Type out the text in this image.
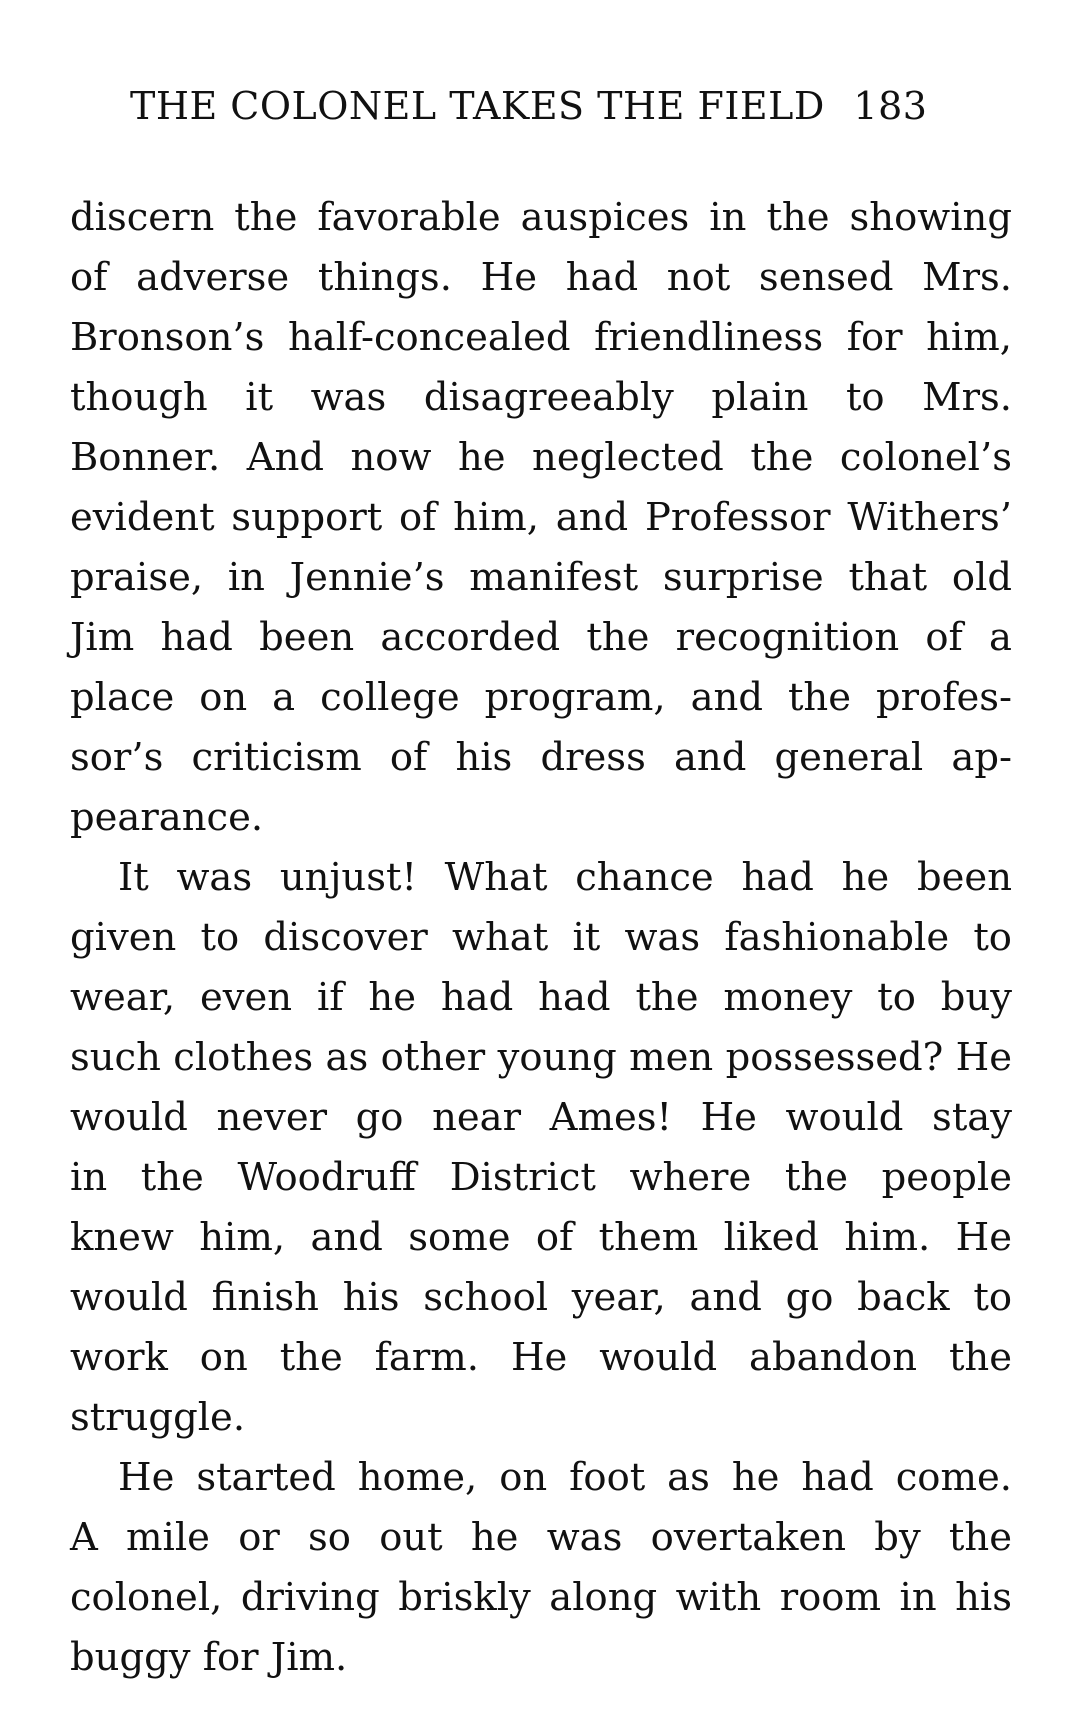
THE COLONEL TAKES THE FIELD 183
discern the favorable auspices in the showing
of adverse things. He had not sensed Mrs.
Bronson’s half-concealed friendliness for him,
though it was disagreeably plain to Mrs.
Bonner. And now he neglected the colonel’s
evident support of him, and Professor Withers’
praise, in Jennie’s manifest surprise that old
Jim had been accorded the recognition of a
place on a college program, and the profes-
sor’s criticism of his dress and general ap-
pearance.
It was unjust! What chance had he been
given to discover what it was fashionable to
wear, even if he had had the money to buy
such clothes as other young men possessed? He
would never go near Ames! He would stay
in the Woodruff District where the people
knew him, and some of them liked him. He
would finish his school year, and go back to
work on the farm. He would abandon the
struggle.
He started home, on foot as he had come.
A mile or so out he was overtaken by the
colonel, driving briskly along with room in his
buggy for Jim.
